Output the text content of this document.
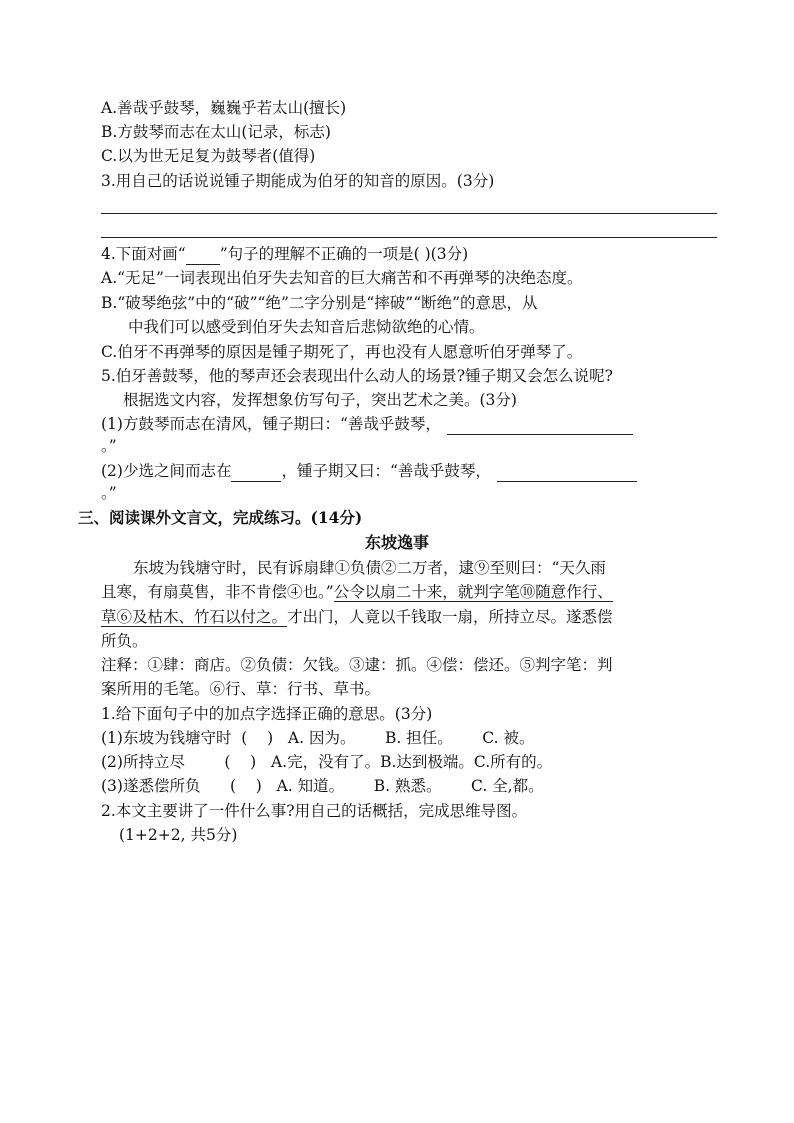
A.善哉乎鼓琴，巍巍乎若太山(擅长)
B.方鼓琴而志在太山(记录，标志)
C.以为世无足复为鼓琴者(值得)
3.用自己的话说说锺子期能成为伯牙的知音的原因。(3分)
4.下面对画“ ”句子的理解不正确的一项是( )(3分)
A.“无足”一词表现出伯牙失去知音的巨大痛苦和不再弹琴的决绝态度。
B.“破琴绝弦”中的“破”“绝”二字分别是“摔破”“断绝”的意思，从
中我们可以感受到伯牙失去知音后悲恸欲绝的心情。
C.伯牙不再弹琴的原因是锺子期死了，再也没有人愿意听伯牙弹琴了。
5.伯牙善鼓琴，他的琴声还会表现出什么动人的场景?锺子期又会怎么说呢?
根据选文内容，发挥想象仿写句子，突出艺术之美。(3分)
(1)方鼓琴而志在清风，锺子期曰：“善哉乎鼓琴，
。”
(2)少选之间而志在	，锺子期又曰：“善哉乎鼓琴，
。”
三、阅读课外文言文，完成练习。(14分)
东坡逸事
东坡为钱塘守时，民有诉扇肆①负债②二万者，逮⑨至则曰：“天久雨
且寒，有扇莫售，非不肯偿④也。”公令以扇二十来，就判字笔⑩随意作行、
草⑥及枯木、竹石以付之。才出门，人竟以千钱取一扇，所持立尽。遂悉偿
所负。
注释：①肆：商店。②负债：欠钱。③逮：抓。④偿：偿还。⑤判字笔：判
案所用的毛笔。⑥行、草：行书、草书。
1.给下面句子中的加点字选择正确的意思。(3分)
(1)东坡为钱塘守时  (    )   A. 因为。      B. 担任。      C. 被。
(2)所持立尽        (    )   A.完，没有了。B.达到极端。C.所有的。
(3)遂悉偿所负      (    )   A. 知道。      B. 熟悉。      C. 全,都。
2.本文主要讲了一件什么事?用自己的话概括，完成思维导图。
(1+2+2, 共5分)
